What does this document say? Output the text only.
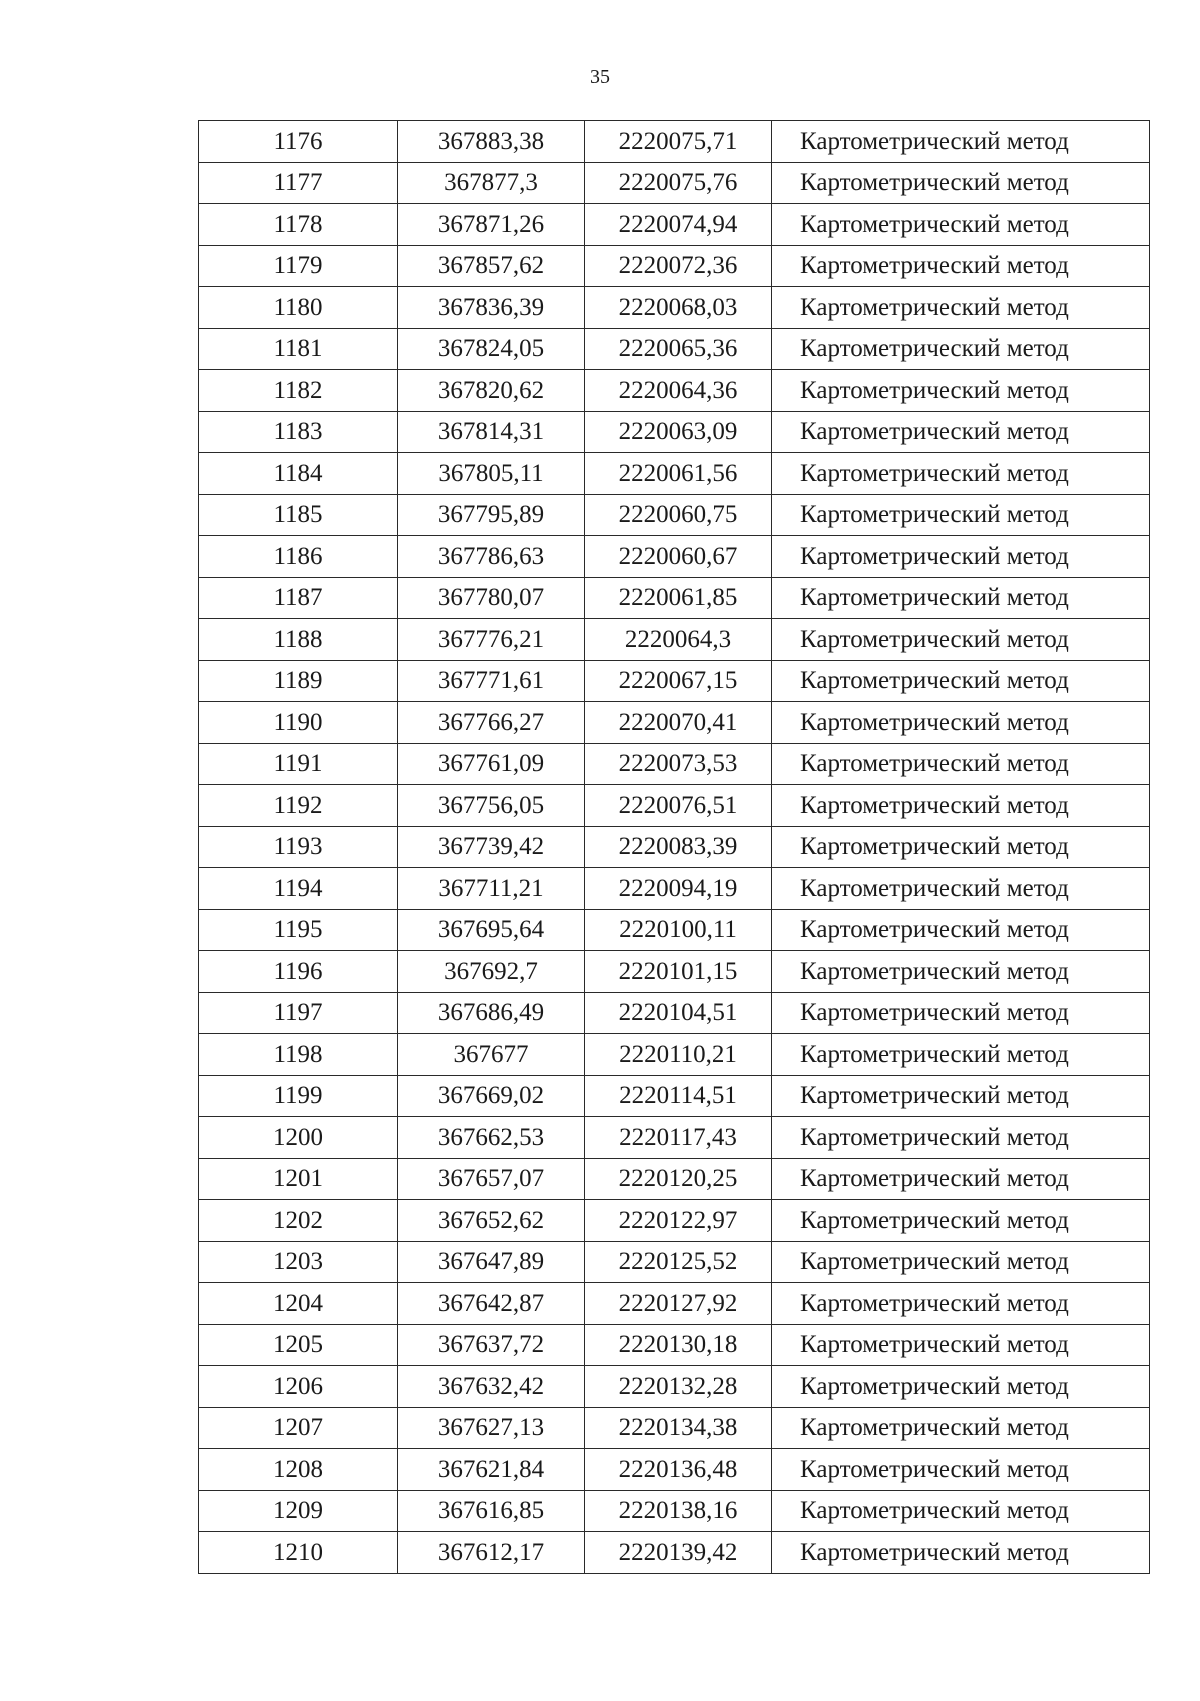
35
1176	367883,38	2220075,71	Картометрический метод
1177	367877,3	2220075,76	Картометрический метод
1178	367871,26	2220074,94	Картометрический метод
1179	367857,62	2220072,36	Картометрический метод
1180	367836,39	2220068,03	Картометрический метод
1181	367824,05	2220065,36	Картометрический метод
1182	367820,62	2220064,36	Картометрический метод
1183	367814,31	2220063,09	Картометрический метод
1184	367805,11	2220061,56	Картометрический метод
1185	367795,89	2220060,75	Картометрический метод
1186	367786,63	2220060,67	Картометрический метод
1187	367780,07	2220061,85	Картометрический метод
1188	367776,21	2220064,3	Картометрический метод
1189	367771,61	2220067,15	Картометрический метод
1190	367766,27	2220070,41	Картометрический метод
1191	367761,09	2220073,53	Картометрический метод
1192	367756,05	2220076,51	Картометрический метод
1193	367739,42	2220083,39	Картометрический метод
1194	367711,21	2220094,19	Картометрический метод
1195	367695,64	2220100,11	Картометрический метод
1196	367692,7	2220101,15	Картометрический метод
1197	367686,49	2220104,51	Картометрический метод
1198	367677	2220110,21	Картометрический метод
1199	367669,02	2220114,51	Картометрический метод
1200	367662,53	2220117,43	Картометрический метод
1201	367657,07	2220120,25	Картометрический метод
1202	367652,62	2220122,97	Картометрический метод
1203	367647,89	2220125,52	Картометрический метод
1204	367642,87	2220127,92	Картометрический метод
1205	367637,72	2220130,18	Картометрический метод
1206	367632,42	2220132,28	Картометрический метод
1207	367627,13	2220134,38	Картометрический метод
1208	367621,84	2220136,48	Картометрический метод
1209	367616,85	2220138,16	Картометрический метод
1210	367612,17	2220139,42	Картометрический метод
